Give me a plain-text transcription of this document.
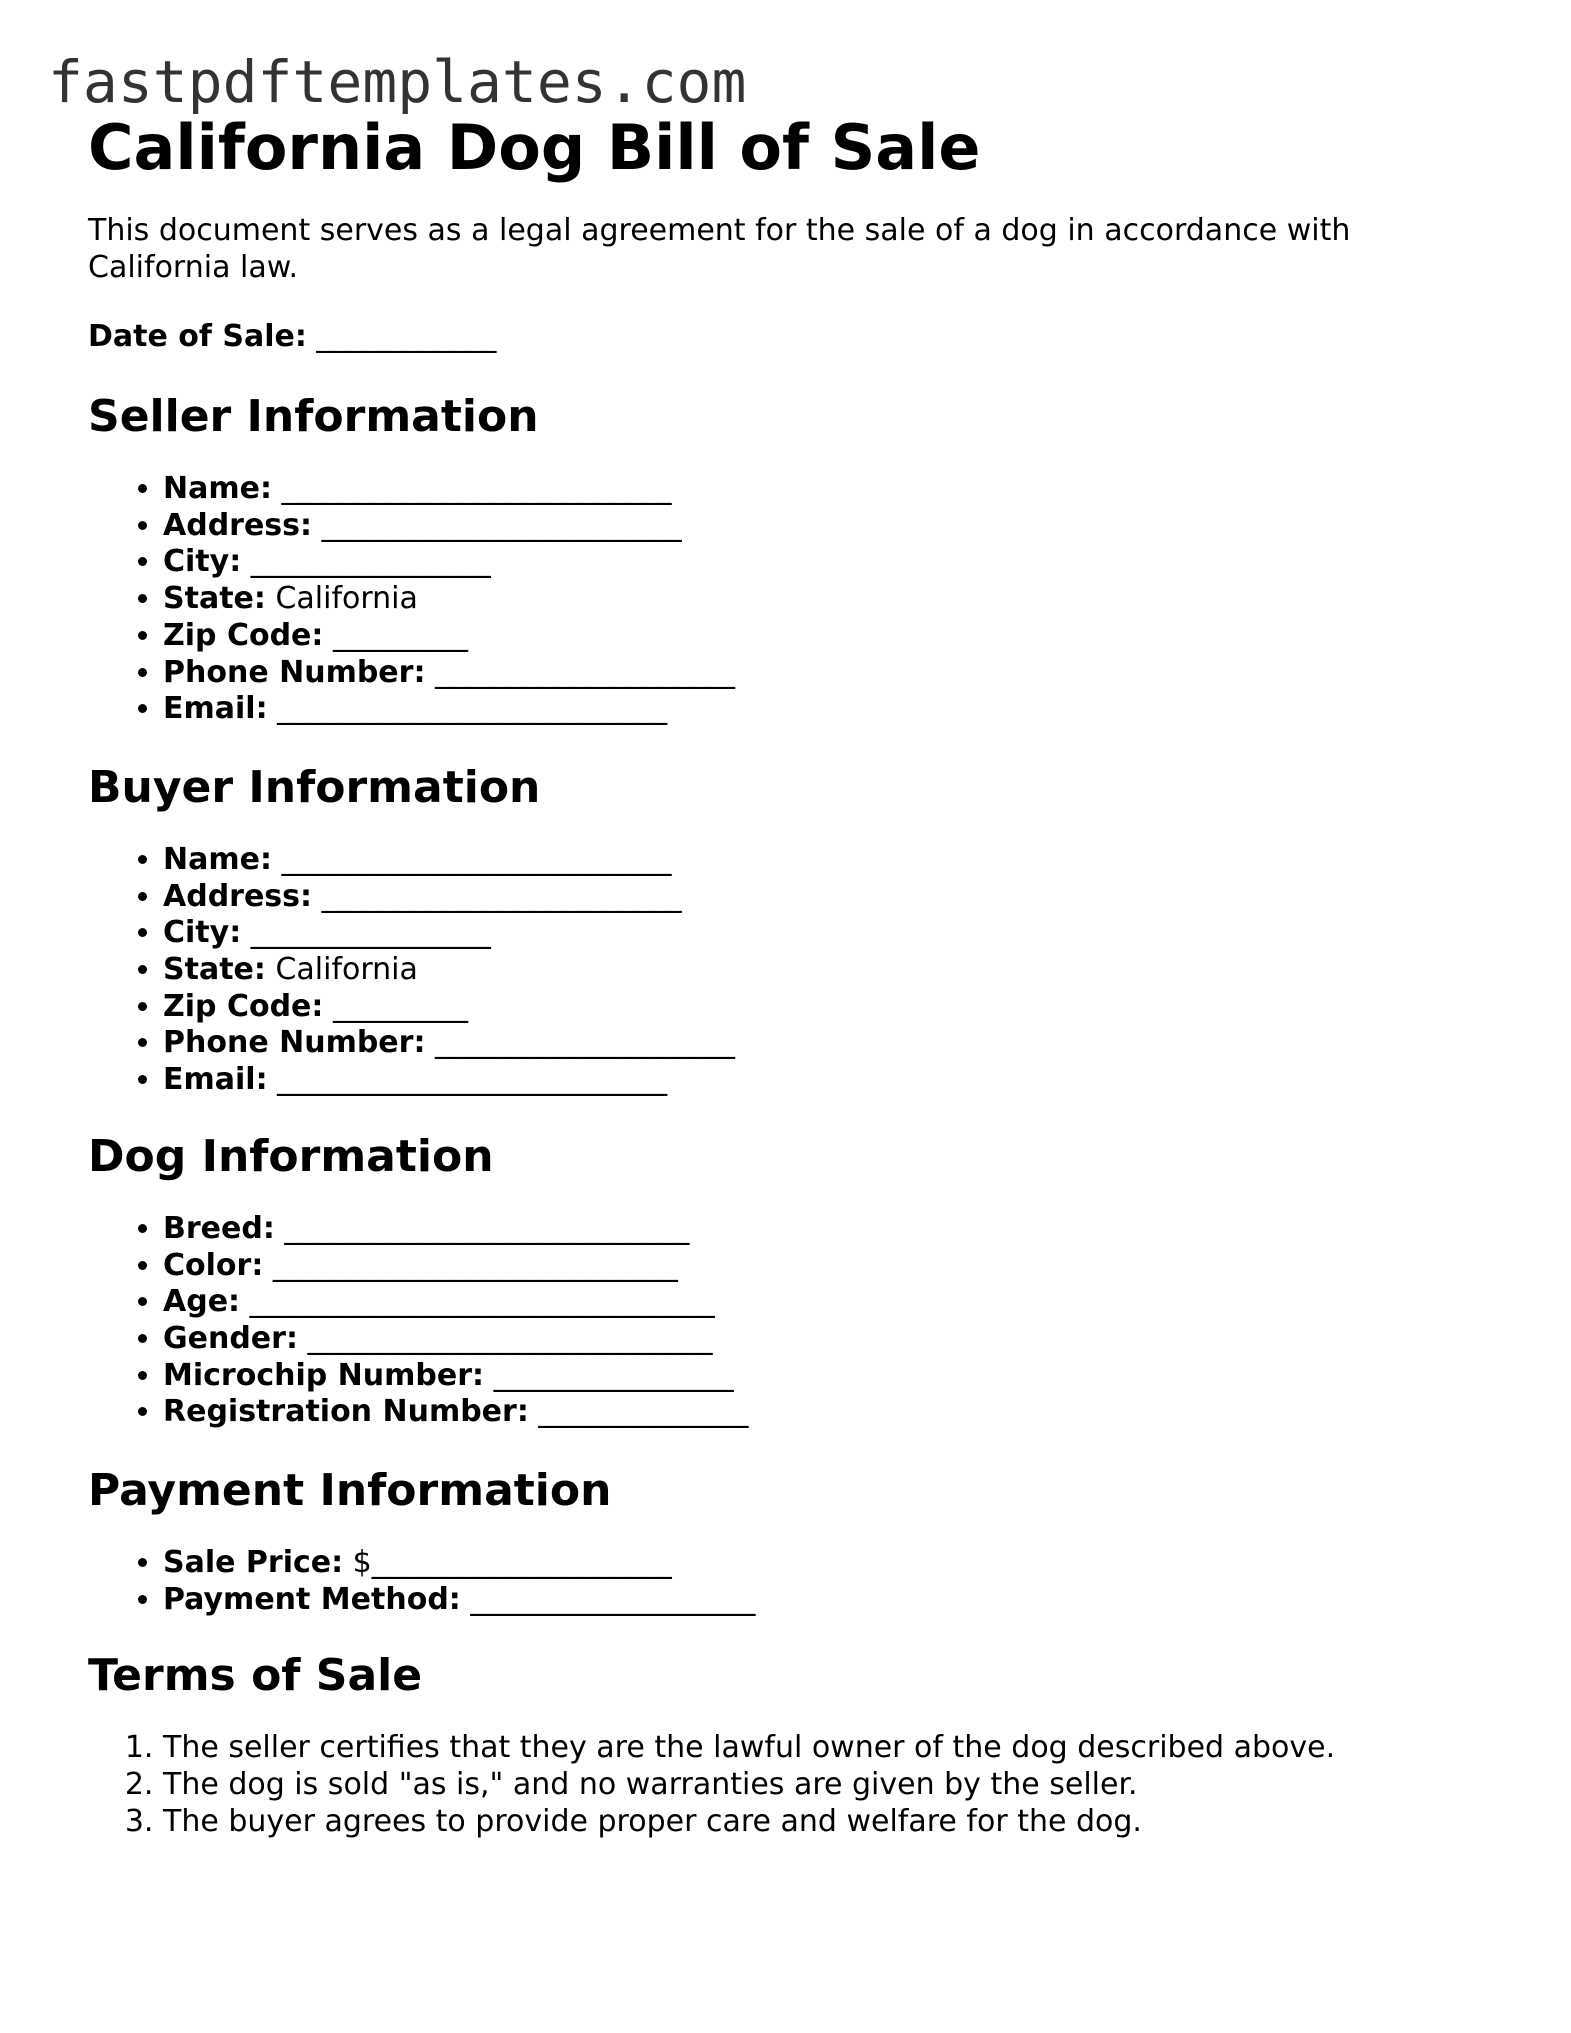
fastpdftemplates.com
California Dog Bill of Sale

This document serves as a legal agreement for the sale of a dog in accordance with California law.

Date of Sale: ____________

Seller Information
• Name: __________________________
• Address: ________________________
• City: ________________
• State: California
• Zip Code: _________
• Phone Number: ____________________
• Email: __________________________
Buyer Information
• Name: __________________________
• Address: ________________________
• City: ________________
• State: California
• Zip Code: _________
• Phone Number: ____________________
• Email: __________________________
Dog Information
• Breed: ___________________________
• Color: ___________________________
• Age: _______________________________
• Gender: ___________________________
• Microchip Number: ________________
• Registration Number: ______________
Payment Information
• Sale Price: $____________________
• Payment Method: ___________________
Terms of Sale
1. The seller certifies that they are the lawful owner of the dog described above.
2. The dog is sold "as is," and no warranties are given by the seller.
3. The buyer agrees to provide proper care and welfare for the dog.
